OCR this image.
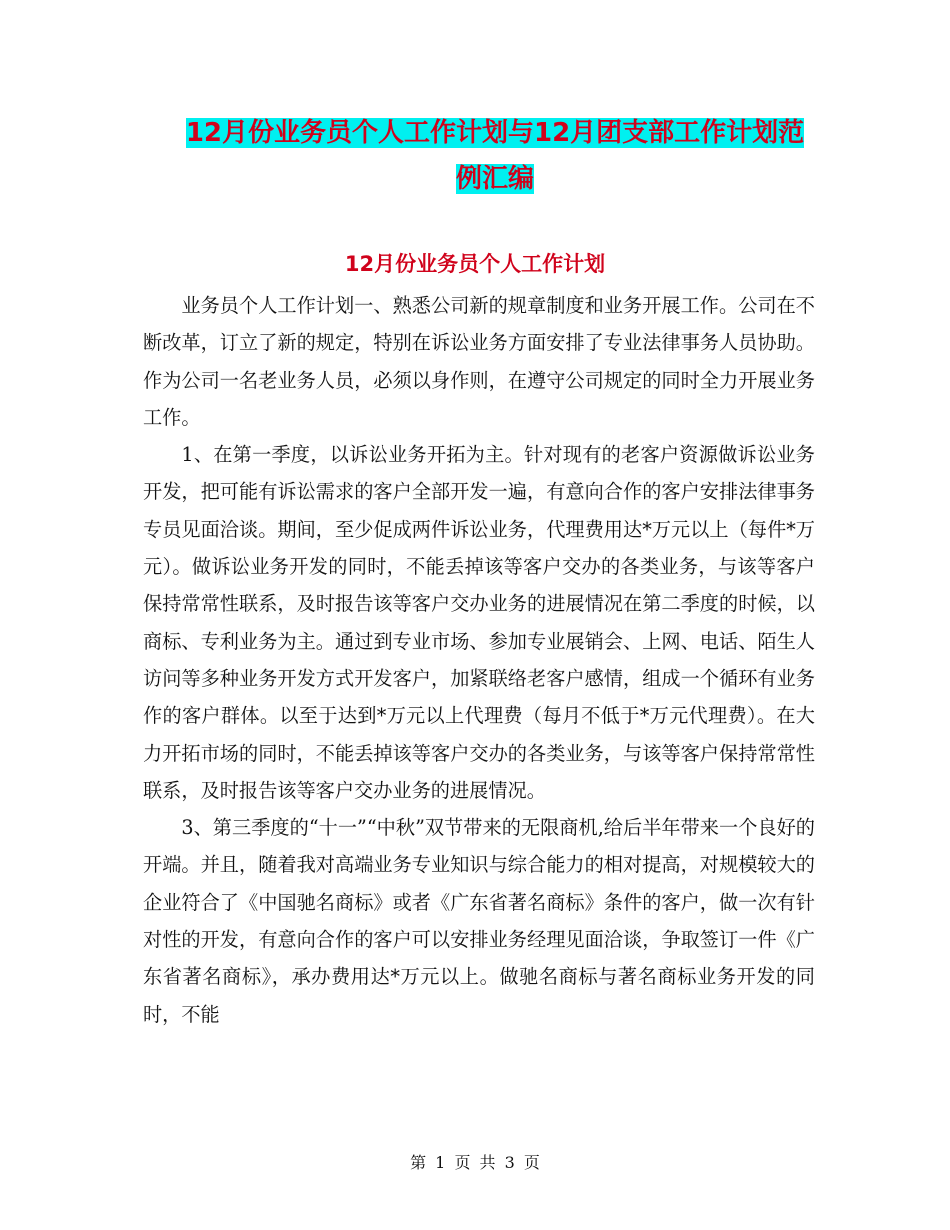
12月份业务员个人工作计划与12月团支部工作计划范
例汇编
12月份业务员个人工作计划

业务员个人工作计划一、熟悉公司新的规章制度和业务开展工作。公司在不断改革，订立了新的规定，特别在诉讼业务方面安排了专业法律事务人员协助。作为公司一名老业务人员，必须以身作则，在遵守公司规定的同时全力开展业务工作。

1、在第一季度，以诉讼业务开拓为主。针对现有的老客户资源做诉讼业务开发，把可能有诉讼需求的客户全部开发一遍，有意向合作的客户安排法律事务专员见面洽谈。期间，至少促成两件诉讼业务，代理费用达*万元以上（每件*万元）。做诉讼业务开发的同时，不能丢掉该等客户交办的各类业务，与该等客户保持常常性联系，及时报告该等客户交办业务的进展情况在第二季度的时候，以商标、专利业务为主。通过到专业市场、参加专业展销会、上网、电话、陌生人访问等多种业务开发方式开发客户，加紧联络老客户感情，组成一个循环有业务作的客户群体。以至于达到*万元以上代理费（每月不低于*万元代理费）。在大力开拓市场的同时，不能丢掉该等客户交办的各类业务，与该等客户保持常常性联系，及时报告该等客户交办业务的进展情况。

3、第三季度的“十一”“中秋”双节带来的无限商机,给后半年带来一个良好的开端。并且，随着我对高端业务专业知识与综合能力的相对提高，对规模较大的企业符合了《中国驰名商标》或者《广东省著名商标》条件的客户，做一次有针对性的开发，有意向合作的客户可以安排业务经理见面洽谈，争取签订一件《广东省著名商标》，承办费用达*万元以上。做驰名商标与著名商标业务开发的同时，不能

第 1 页 共 3 页
